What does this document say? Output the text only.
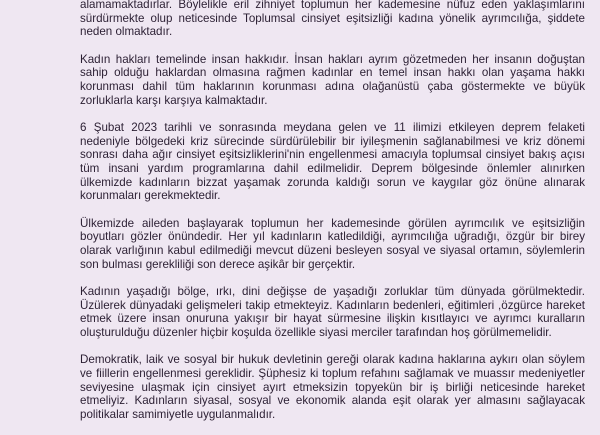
alamamaktadırlar. Böylelikle eril zihniyet toplumun her kademesine nüfuz eden yaklaşımlarını sürdürmekte olup neticesinde Toplumsal cinsiyet eşitsizliği kadına yönelik ayrımcılığa, şiddete neden olmaktadır.

Kadın hakları temelinde insan hakkıdır. İnsan hakları ayrım gözetmeden her insanın doğuştan sahip olduğu haklardan olmasına rağmen kadınlar en temel insan hakkı olan yaşama hakkı korunması dahil tüm haklarının korunması adına olağanüstü çaba göstermekte ve büyük zorluklarla karşı karşıya kalmaktadır.

6 Şubat 2023 tarihli ve sonrasında meydana gelen ve 11 ilimizi etkileyen deprem felaketi nedeniyle bölgedeki kriz sürecinde sürdürülebilir bir iyileşmenin sağlanabilmesi ve kriz dönemi sonrası daha ağır cinsiyet eşitsizliklerini'nin engellenmesi amacıyla toplumsal cinsiyet bakış açısı tüm insani yardım programlarına dahil edilmelidir. Deprem bölgesinde önlemler alınırken ülkemizde kadınların bizzat yaşamak zorunda kaldığı sorun ve kaygılar göz önüne alınarak korunmaları gerekmektedir.

Ülkemizde aileden başlayarak toplumun her kademesinde görülen ayrımcılık ve eşitsizliğin boyutları gözler önündedir. Her yıl kadınların katledildiği, ayrımcılığa uğradığı, özgür bir birey olarak varlığının kabul edilmediği mevcut düzeni besleyen sosyal ve siyasal ortamın, söylemlerin son bulması gerekliliği son derece aşikâr bir gerçektir.

Kadının yaşadığı bölge, ırkı, dini değişse de yaşadığı zorluklar tüm dünyada görülmektedir. Üzülerek dünyadaki gelişmeleri takip etmekteyiz. Kadınların bedenleri, eğitimleri ,özgürce hareket etmek üzere insan onuruna yakışır bir hayat sürmesine ilişkin kısıtlayıcı ve ayrımcı kuralların oluşturulduğu düzenler hiçbir koşulda özellikle siyasi merciler tarafından hoş görülmemelidir.

Demokratik, laik ve sosyal bir hukuk devletinin gereği olarak kadına haklarına aykırı olan söylem ve fiillerin engellenmesi gereklidir. Şüphesiz ki toplum refahını sağlamak ve muassır medeniyetler seviyesine ulaşmak için cinsiyet ayırt etmeksizin topyekün bir iş birliği neticesinde hareket etmeliyiz. Kadınların siyasal, sosyal ve ekonomik alanda eşit olarak yer almasını sağlayacak politikalar samimiyetle uygulanmalıdır.
